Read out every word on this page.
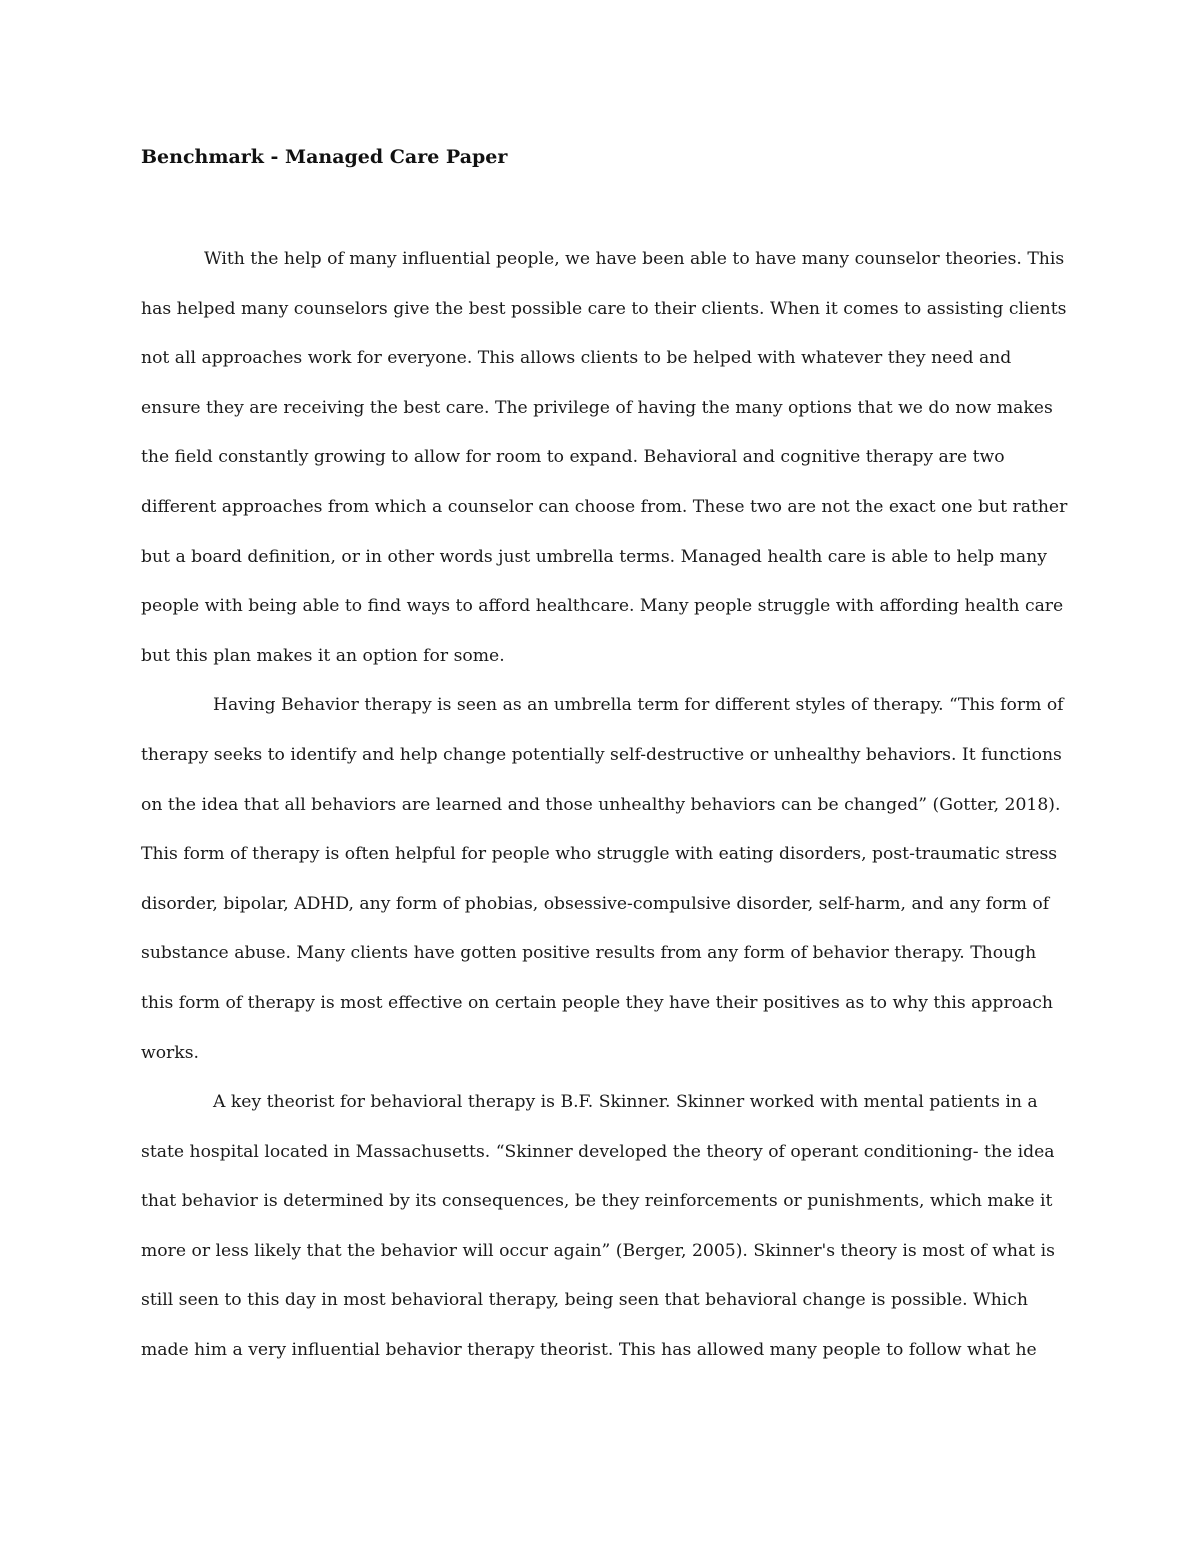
Benchmark - Managed Care Paper
With the help of many influential people, we have been able to have many counselor theories. This
has helped many counselors give the best possible care to their clients. When it comes to assisting clients
not all approaches work for everyone. This allows clients to be helped with whatever they need and
ensure they are receiving the best care. The privilege of having the many options that we do now makes
the field constantly growing to allow for room to expand. Behavioral and cognitive therapy are two
different approaches from which a counselor can choose from. These two are not the exact one but rather
but a board definition, or in other words just umbrella terms. Managed health care is able to help many
people with being able to find ways to afford healthcare. Many people struggle with affording health care
but this plan makes it an option for some.
Having Behavior therapy is seen as an umbrella term for different styles of therapy. “This form of
therapy seeks to identify and help change potentially self-destructive or unhealthy behaviors. It functions
on the idea that all behaviors are learned and those unhealthy behaviors can be changed” (Gotter, 2018).
This form of therapy is often helpful for people who struggle with eating disorders, post-traumatic stress
disorder, bipolar, ADHD, any form of phobias, obsessive-compulsive disorder, self-harm, and any form of
substance abuse. Many clients have gotten positive results from any form of behavior therapy. Though
this form of therapy is most effective on certain people they have their positives as to why this approach
works.
A key theorist for behavioral therapy is B.F. Skinner. Skinner worked with mental patients in a
state hospital located in Massachusetts. “Skinner developed the theory of operant conditioning- the idea
that behavior is determined by its consequences, be they reinforcements or punishments, which make it
more or less likely that the behavior will occur again” (Berger, 2005). Skinner's theory is most of what is
still seen to this day in most behavioral therapy, being seen that behavioral change is possible. Which
made him a very influential behavior therapy theorist. This has allowed many people to follow what he
